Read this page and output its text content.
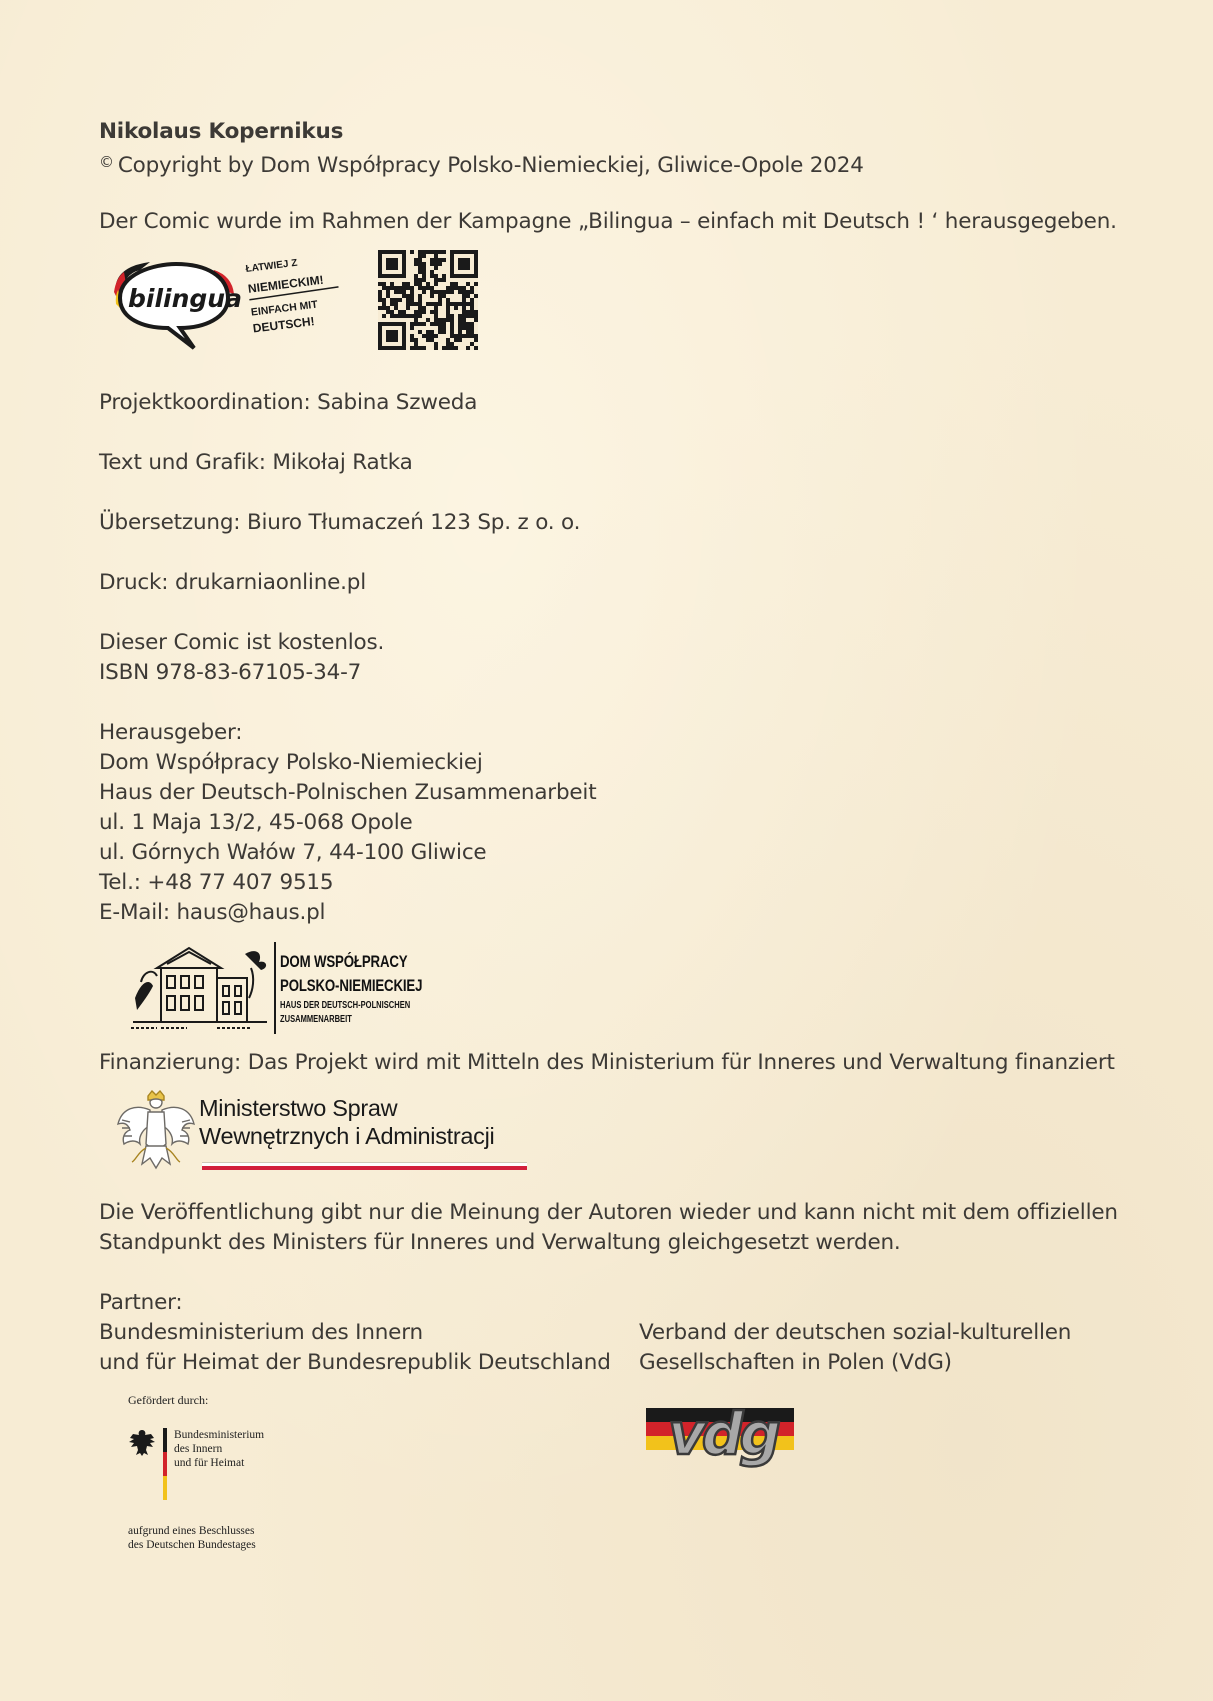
Nikolaus Kopernikus
© Copyright by Dom Współpracy Polsko-Niemieckiej, Gliwice-Opole 2024
Der Comic wurde im Rahmen der Kampagne „Bilingua – einfach mit Deutsch ! ‘ herausgegeben.
bilingua
ŁATWIEJ Z
NIEMIECKIM!
EINFACH MIT
DEUTSCH!
Projektkoordination: Sabina Szweda
Text und Grafik: Mikołaj Ratka
Übersetzung: Biuro Tłumaczeń 123 Sp. z o. o.
Druck: drukarniaonline.pl
Dieser Comic ist kostenlos.
ISBN 978-83-67105-34-7
Herausgeber:
Dom Współpracy Polsko-Niemieckiej
Haus der Deutsch-Polnischen Zusammenarbeit
ul. 1 Maja 13/2, 45-068 Opole
ul. Górnych Wałów 7, 44-100 Gliwice
Tel.: +48 77 407 9515
E-Mail: haus@haus.pl
DOM WSPÓŁPRACY
POLSKO-NIEMIECKIEJ
HAUS DER DEUTSCH-POLNISCHEN
ZUSAMMENARBEIT
Finanzierung: Das Projekt wird mit Mitteln des Ministerium für Inneres und Verwaltung finanziert
Ministerstwo Spraw
Wewnętrznych i Administracji
Die Veröffentlichung gibt nur die Meinung der Autoren wieder und kann nicht mit dem offiziellen
Standpunkt des Ministers für Inneres und Verwaltung gleichgesetzt werden.
Partner:
Bundesministerium des Innern
und für Heimat der Bundesrepublik Deutschland
Verband der deutschen sozial-kulturellen
Gesellschaften in Polen (VdG)
Gefördert durch:
Bundesministerium
des Innern
und für Heimat
aufgrund eines Beschlusses
des Deutschen Bundestages
vdg
